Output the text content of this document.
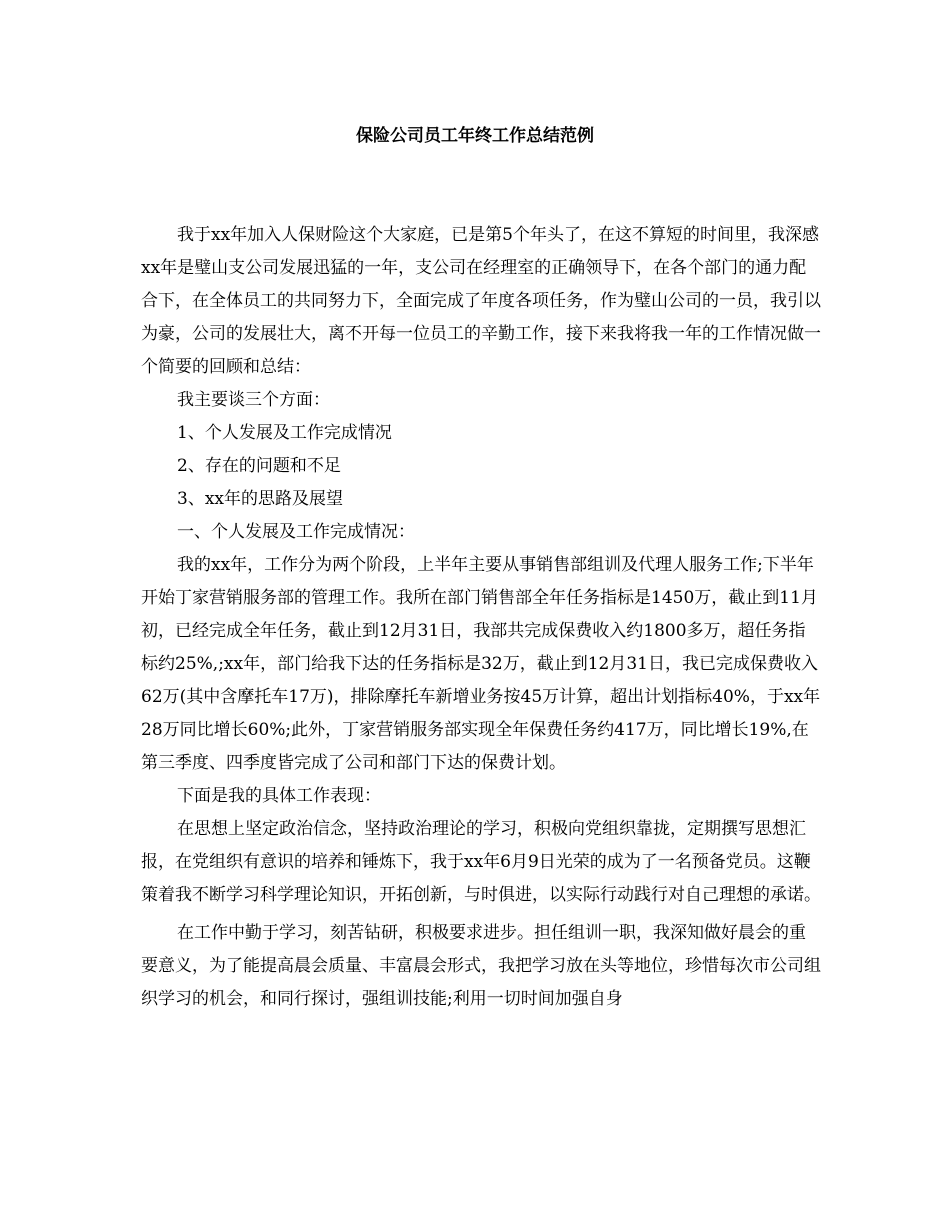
保险公司员工年终工作总结范例

我于xx年加入人保财险这个大家庭，已是第5个年头了，在这不算短的时间里，我深感xx年是璧山支公司发展迅猛的一年，支公司在经理室的正确领导下，在各个部门的通力配合下，在全体员工的共同努力下，全面完成了年度各项任务，作为璧山公司的一员，我引以为豪，公司的发展壮大，离不开每一位员工的辛勤工作，接下来我将我一年的工作情况做一个简要的回顾和总结：

我主要谈三个方面：

1、个人发展及工作完成情况

2、存在的问题和不足

3、xx年的思路及展望

一、个人发展及工作完成情况：

我的xx年，工作分为两个阶段，上半年主要从事销售部组训及代理人服务工作;下半年开始丁家营销服务部的管理工作。我所在部门销售部全年任务指标是1450万，截止到11月初，已经完成全年任务，截止到12月31日，我部共完成保费收入约1800多万，超任务指标约25%,;xx年，部门给我下达的任务指标是32万，截止到12月31日，我已完成保费收入62万(其中含摩托车17万)，排除摩托车新增业务按45万计算，超出计划指标40%，于xx年28万同比增长60%;此外，丁家营销服务部实现全年保费任务约417万，同比增长19%,在第三季度、四季度皆完成了公司和部门下达的保费计划。

下面是我的具体工作表现：

在思想上坚定政治信念，坚持政治理论的学习，积极向党组织靠拢，定期撰写思想汇报，在党组织有意识的培养和锤炼下，我于xx年6月9日光荣的成为了一名预备党员。这鞭策着我不断学习科学理论知识，开拓创新，与时俱进，以实际行动践行对自己理想的承诺。

在工作中勤于学习，刻苦钻研，积极要求进步。担任组训一职，我深知做好晨会的重要意义，为了能提高晨会质量、丰富晨会形式，我把学习放在头等地位，珍惜每次市公司组织学习的机会，和同行探讨，强组训技能;利用一切时间加强自身
